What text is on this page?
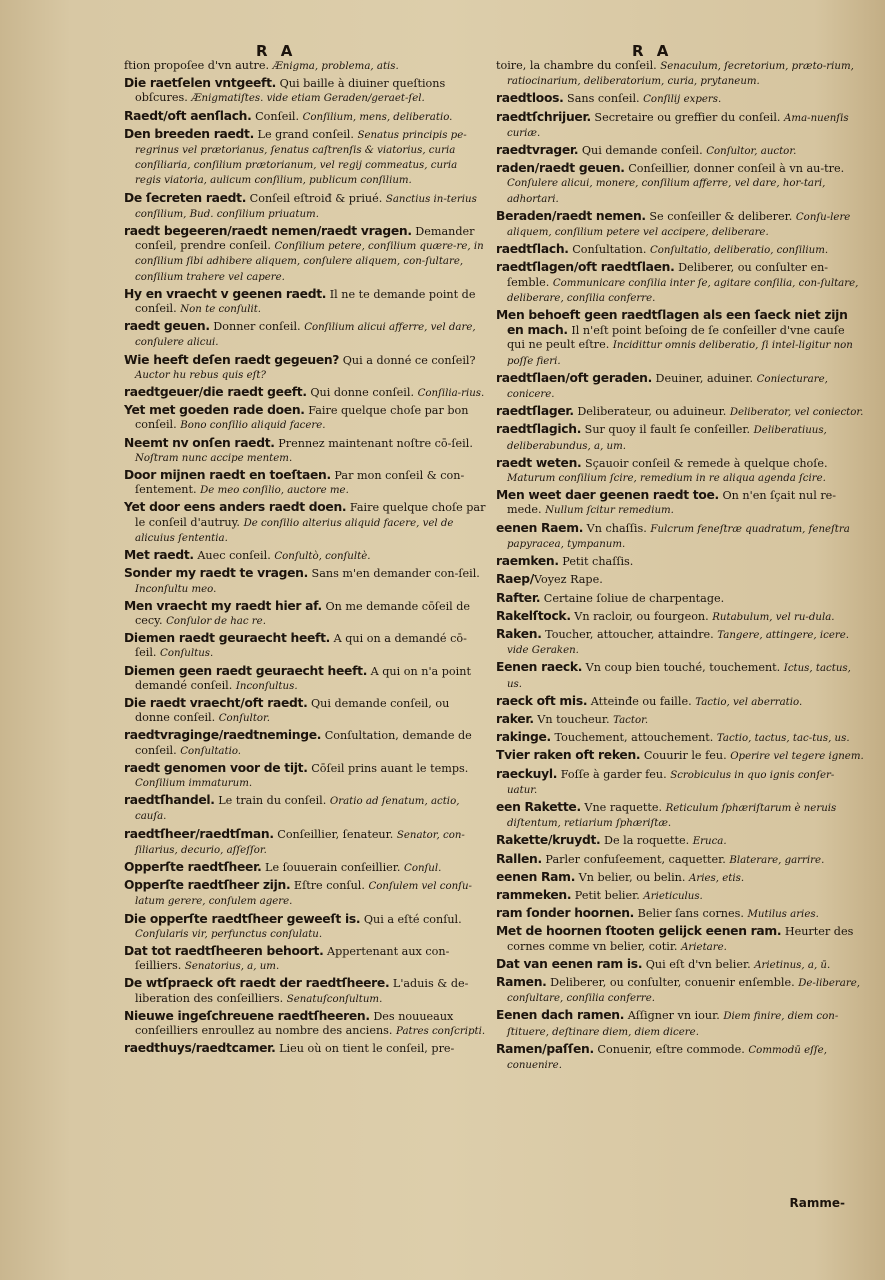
R A	R A

ftion propoſee d'vn autre. Ænigma, problema, atis.

Die raetſelen vntgeeft. Qui baille à diuiner queſtions obſcures. Ænigmatiſtes. vide etiam Geraden/geraet-ſel.

Raedt/oft aenſlach. Conſeil. Conſilium, mens, deliberatio.

Den breeden raedt. Le grand conſeil. Senatus principis pe-regrinus vel prætorianus, ſenatus caſtrenſis & viatorius, curia conſiliaria, conſilium prætorianum, vel regij commeatus, curia regis viatoria, aulicum conſilium, publicum conſilium.

De ſecreten raedt. Conſeil eſtroiđ & priué. Sanctius in-terius conſilium, Bud. conſilium priuatum.

raedt begeeren/raedt nemen/raedt vragen. Demander conſeil, prendre conſeil. Conſilium petere, conſilium quære-re, in conſilium ſibi adhibere aliquem, conſulere aliquem, con-ſultare, conſilium trahere vel capere.

Hy en vraecht v geenen raedt. Il ne te demande point de conſeil. Non te conſulit.

raedt geuen. Donner conſeil. Conſilium alicui afferre, vel dare, conſulere alicui.

Wie heeft deſen raedt gegeuen? Qui a donné ce conſeil? Auctor hu rebus quis eſt?

raedtgeuer/die raedt geeft. Qui donne conſeil. Conſilia-rius.

Yet met goeden rade doen. Faire quelque choſe par bon conſeil. Bono conſilio aliquid facere.

Neemt nv onſen raedt. Prennez maintenant noſtre cō-ſeil. Noſtram nunc accipe mentem.

Door mijnen raedt en toeſtaen. Par mon conſeil & con-ſentement. De meo conſilio, auctore me.

Yet door eens anders raedt doen. Faire quelque choſe par le conſeil d'autruy. De conſilio alterius aliquid facere, vel de alicuius ſententia.

Met raedt. Auec conſeil. Conſultò, conſultè.

Sonder my raedt te vragen. Sans m'en demander con-ſeil. Inconſultu meo.

Men vraecht my raedt hier af. On me demande cōſeil de cecy. Conſulor de hac re.

Diemen raedt geuraecht heeft. A qui on a demandé cō-ſeil. Conſultus.

Diemen geen raedt geuraecht heeft. A qui on n'a point demandé conſeil. Inconſultus.

Die raedt vraecht/oft raedt. Qui demande conſeil, ou donne conſeil. Conſultor.

raedtvraginge/raedtneminge. Conſultation, demande de conſeil. Conſultatio.

raedt genomen voor de tijt. Cōſeil prins auant le temps. Conſilium immaturum.

raedtſhandel. Le train du conſeil. Oratio ad ſenatum, actio, cauſa.

raedtſheer/raedtſman. Conſeillier, ſenateur. Senator, con-ſiliarius, decurio, aſſeſſor.

Opperſte raedtſheer. Le ſouuerain conſeillier. Conſul.

Opperſte raedtſheer zijn. Eſtre conſul. Conſulem vel conſu-latum gerere, conſulem agere.

Die opperſte raedtſheer geweeſt is. Qui a eſté conſul. Conſularis vir, perfunctus conſulatu.

Dat tot raedtſheeren behoort. Appertenant aux con-ſeilliers. Senatorius, a, um.

De wtſpraeck oft raedt der raedtſheere. L'aduis & de-liberation des conſeilliers. Senatuſconſultum.

Nieuwe ingeſchreuene raedtſheeren. Des nouueaux conſeilliers enroullez au nombre des anciens. Patres conſcripti.

raedthuys/raedtcamer. Lieu où on tient le conſeil, pre-

toire, la chambre du conſeil. Senaculum, ſecretorium, præto-rium, ratiocinarium, deliberatorium, curia, prytaneum.

raedtloos. Sans conſeil. Conſilij expers.

raedtſchrijuer. Secretaire ou greffier du conſeil. Ama-nuenſis curiæ.

raedtvrager. Qui demande conſeil. Conſultor, auctor.

raden/raedt geuen. Conſeillier, donner conſeil à vn au-tre. Conſulere alicui, monere, conſilium afferre, vel dare, hor-tari, adhortari.

Beraden/raedt nemen. Se conſeiller & deliberer. Conſu-lere aliquem, conſilium petere vel accipere, deliberare.

raedtſlach. Conſultation. Conſultatio, deliberatio, conſilium.

raedtſlagen/oft raedtſlaen. Deliberer, ou conſulter en-ſemble. Communicare conſilia inter ſe, agitare conſilia, con-ſultare, deliberare, conſilia conferre.

Men behoeft geen raedtſlagen als een ſaeck niet zijn en mach. Il n'eſt point beſoing de ſe conſeiller d'vne cauſe qui ne peult eſtre. Incidittur omnis deliberatio, ſi intel-ligitur non poſſe fieri.

raedtſlaen/oft geraden. Deuiner, aduiner. Coniecturare, conicere.

raedtſlager. Deliberateur, ou aduineur. Deliberator, vel coniector.

raedtſlagich. Sur quoy il fault ſe conſeiller. Deliberatiuus, deliberabundus, a, um.

raedt weten. Sçauoir conſeil & remede à quelque choſe. Maturum conſilium ſcire, remedium in re aliqua agenda ſcire.

Men weet daer geenen raedt toe. On n'en ſçait nul re-mede. Nullum ſcitur remedium.

eenen Raem. Vn chaſſis. Fulcrum feneſtræ quadratum, feneſtra papyracea, tympanum.

raemken. Petit chaſſis.

Raep/Voyez Rape.

Rafter. Certaine ſoliue de charpentage.

Rakelſtock. Vn racloir, ou fourgeon. Rutabulum, vel ru-dula.

Raken. Toucher, attoucher, attaindre. Tangere, attingere, icere. vide Geraken.

Eenen raeck. Vn coup bien touché, touchement. Ictus, tactus, us.

raeck oft mis. Atteinđe ou faille. Tactio, vel aberratio.

raker. Vn toucheur. Tactor.

rakinge. Touchement, attouchement. Tactio, tactus, tac-tus, us.

Tvier raken oft reken. Couurir le feu. Operire vel tegere ignem.

raeckuyl. Foſſe à garder feu. Scrobiculus in quo ignis conſer-uatur.

een Rakette. Vne raquette. Reticulum ſphæriſtarum è neruis diſtentum, retiarium ſphæriſtæ.

Rakette/kruydt. De la roquette. Eruca.

Rallen. Parler confuſeement, caquetter. Blaterare, garrire.

eenen Ram. Vn belier, ou belin. Aries, etis.

rammeken. Petit belier. Arieticulus.

ram ſonder hoornen. Belier ſans cornes. Mutilus aries.

Met de hoornen ſtooten gelijck eenen ram. Heurter des cornes comme vn belier, cotir. Arietare.

Dat van eenen ram is. Qui eſt d'vn belier. Arietinus, a, ū.

Ramen. Deliberer, ou conſulter, conuenir enſemble. De-liberare, conſultare, conſilia conferre.

Eenen dach ramen. Aſſigner vn iour. Diem finire, diem con-ſtituere, deſtinare diem, diem dicere.

Ramen/paſſen. Conuenir, eſtre commode. Commodū eſſe, conuenire.

Ramme-
